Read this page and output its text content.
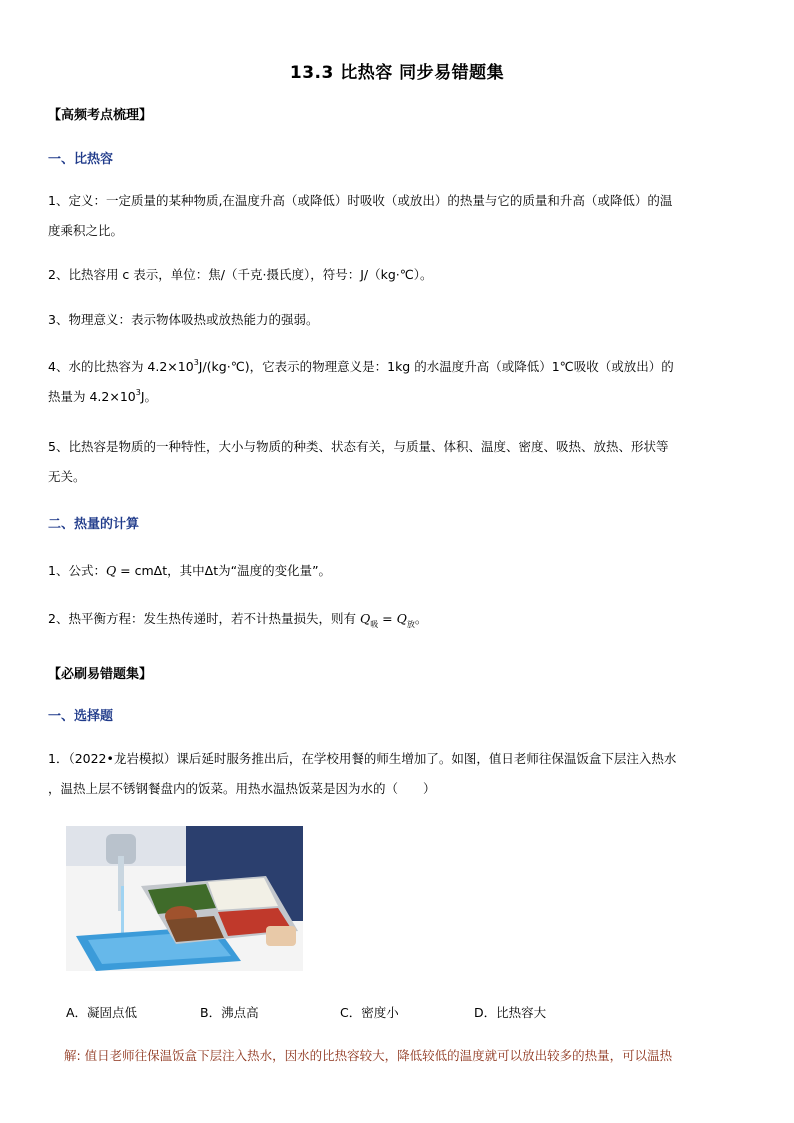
13.3 比热容 同步易错题集
【高频考点梳理】
一、比热容
1、定义：一定质量的某种物质,在温度升高（或降低）时吸收（或放出）的热量与它的质量和升高（或降低）的温
度乘积之比。
2、比热容用 c 表示，单位：焦/（千克·摄氏度），符号：J/（kg·℃）。
3、物理意义：表示物体吸热或放热能力的强弱。
4、水的比热容为 $4.2\times 10^3J/(kg\cdot℃)$，它表示的物理意义是：1kg 的水温度升高（或降低）1℃吸收（或放出）的
热量为 $4.2\times 10^3J$。
5、比热容是物质的一种特性，大小与物质的种类、状态有关，与质量、体积、温度、密度、吸热、放热、形状等
无关。
二、热量的计算
1、公式：Q = cmΔt，其中Δt为“温度的变化量”。
2、热平衡方程：发生热传递时，若不计热量损失，则有 $Q_吸 = Q_放$。
【必刷易错题集】
一、选择题
1．（2022•龙岩模拟）课后延时服务推出后，在学校用餐的师生增加了。如图，值日老师往保温饭盒下层注入热水
，温热上层不锈钢餐盘内的饭菜。用热水温热饭菜是因为水的（　　）
A．凝固点低	B．沸点高	C．密度小	D．比热容大
解: 值日老师往保温饭盒下层注入热水，因水的比热容较大，降低较低的温度就可以放出较多的热量，可以温热
